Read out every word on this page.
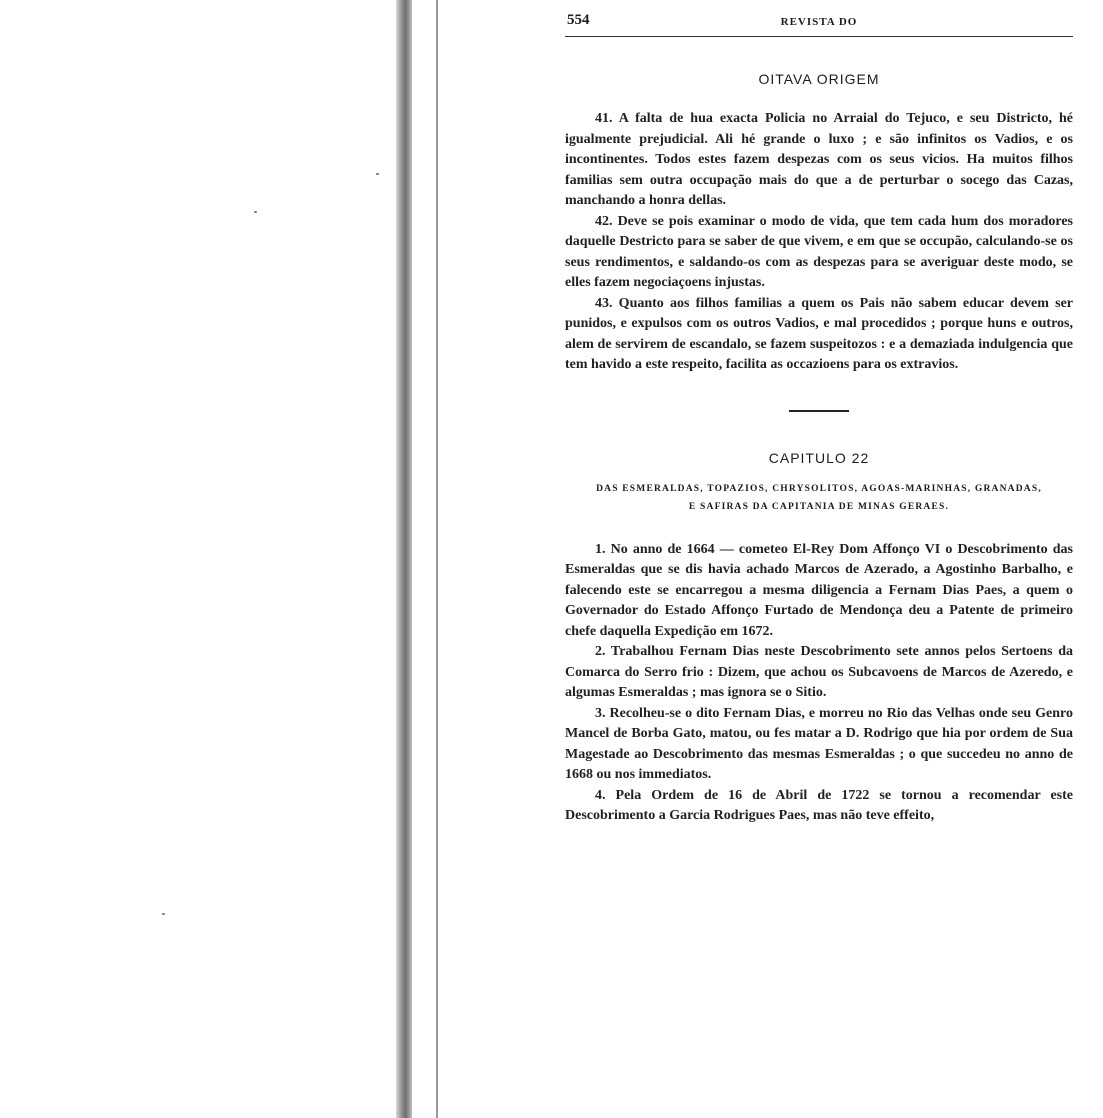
554	REVISTA DO
OITAVA ORIGEM

41. A falta de hua exacta Policia no Arraial do Tejuco, e seu Districto, hé igualmente prejudicial. Ali hé grande o luxo ; e são infinitos os Vadios, e os incontinentes. Todos estes fazem despezas com os seus vicios. Ha muitos filhos familias sem outra occupação mais do que a de perturbar o socego das Cazas, manchando a honra dellas.

42. Deve se pois examinar o modo de vida, que tem cada hum dos moradores daquelle Destricto para se saber de que vivem, e em que se occupão, calculando-se os seus rendimentos, e saldando-os com as despezas para se averiguar deste modo, se elles fazem negociaçoens injustas.

43. Quanto aos filhos familias a quem os Pais não sabem educar devem ser punidos, e expulsos com os outros Vadios, e mal procedidos ; porque huns e outros, alem de servirem de escandalo, se fazem suspeitozos : e a demaziada indulgencia que tem havido a este respeito, facilita as occazioens para os extravios.

CAPITULO 22
DAS ESMERALDAS, TOPAZIOS, CHRYSOLITOS, AGOAS-MARINHAS, GRANADAS,
E SAFIRAS DA CAPITANIA DE MINAS GERAES.

1. No anno de 1664 — cometeo El-Rey Dom Affonço VI o Descobrimento das Esmeraldas que se dis havia achado Marcos de Azerado, a Agostinho Barbalho, e falecendo este se encarregou a mesma diligencia a Fernam Dias Paes, a quem o Governador do Estado Affonço Furtado de Mendonça deu a Patente de primeiro chefe daquella Expedição em 1672.

2. Trabalhou Fernam Dias neste Descobrimento sete annos pelos Sertoens da Comarca do Serro frio : Dizem, que achou os Subcavoens de Marcos de Azeredo, e algumas Esmeraldas ; mas ignora se o Sitio.

3. Recolheu-se o dito Fernam Dias, e morreu no Rio das Velhas onde seu Genro Mancel de Borba Gato, matou, ou fes matar a D. Rodrigo que hia por ordem de Sua Magestade ao Descobrimento das mesmas Esmeraldas ; o que succedeu no anno de 1668 ou nos immediatos.

4. Pela Ordem de 16 de Abril de 1722 se tornou a recomendar este Descobrimento a Garcia Rodrigues Paes, mas não teve effeito,
